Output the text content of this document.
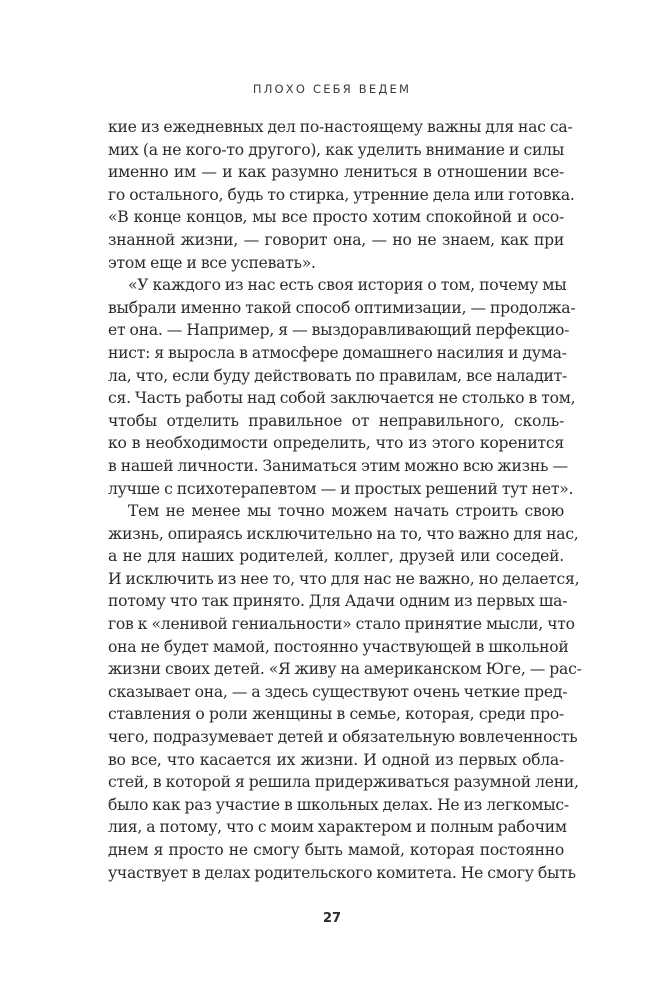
ПЛОХО СЕБЯ ВЕДЕМ
кие из ежедневных дел по-настоящему важны для нас са-
мих (а не кого-то другого), как уделить внимание и силы
именно им — и как разумно лениться в отношении все-
го остального, будь то стирка, утренние дела или готовка.
«В конце концов, мы все просто хотим спокойной и осо-
знанной жизни, — говорит она, — но не знаем, как при
этом еще и все успевать».
«У каждого из нас есть своя история о том, почему мы
выбрали именно такой способ оптимизации, — продолжа-
ет она. — Например, я — выздоравливающий перфекцио-
нист: я выросла в атмосфере домашнего насилия и дума-
ла, что, если буду действовать по правилам, все наладит-
ся. Часть работы над собой заключается не столько в том,
чтобы отделить правильное от неправильного, сколь-
ко в необходимости определить, что из этого коренится
в нашей личности. Заниматься этим можно всю жизнь —
лучше с психотерапевтом — и простых решений тут нет».
Тем не менее мы точно можем начать строить свою
жизнь, опираясь исключительно на то, что важно для нас,
а не для наших родителей, коллег, друзей или соседей.
И исключить из нее то, что для нас не важно, но делается,
потому что так принято. Для Адачи одним из первых ша-
гов к «ленивой гениальности» стало принятие мысли, что
она не будет мамой, постоянно участвующей в школьной
жизни своих детей. «Я живу на американском Юге, — рас-
сказывает она, — а здесь существуют очень четкие пред-
ставления о роли женщины в семье, которая, среди про-
чего, подразумевает детей и обязательную вовлеченность
во все, что касается их жизни. И одной из первых обла-
стей, в которой я решила придерживаться разумной лени,
было как раз участие в школьных делах. Не из легкомыс-
лия, а потому, что с моим характером и полным рабочим
днем я просто не смогу быть мамой, которая постоянно
участвует в делах родительского комитета. Не смогу быть
27
